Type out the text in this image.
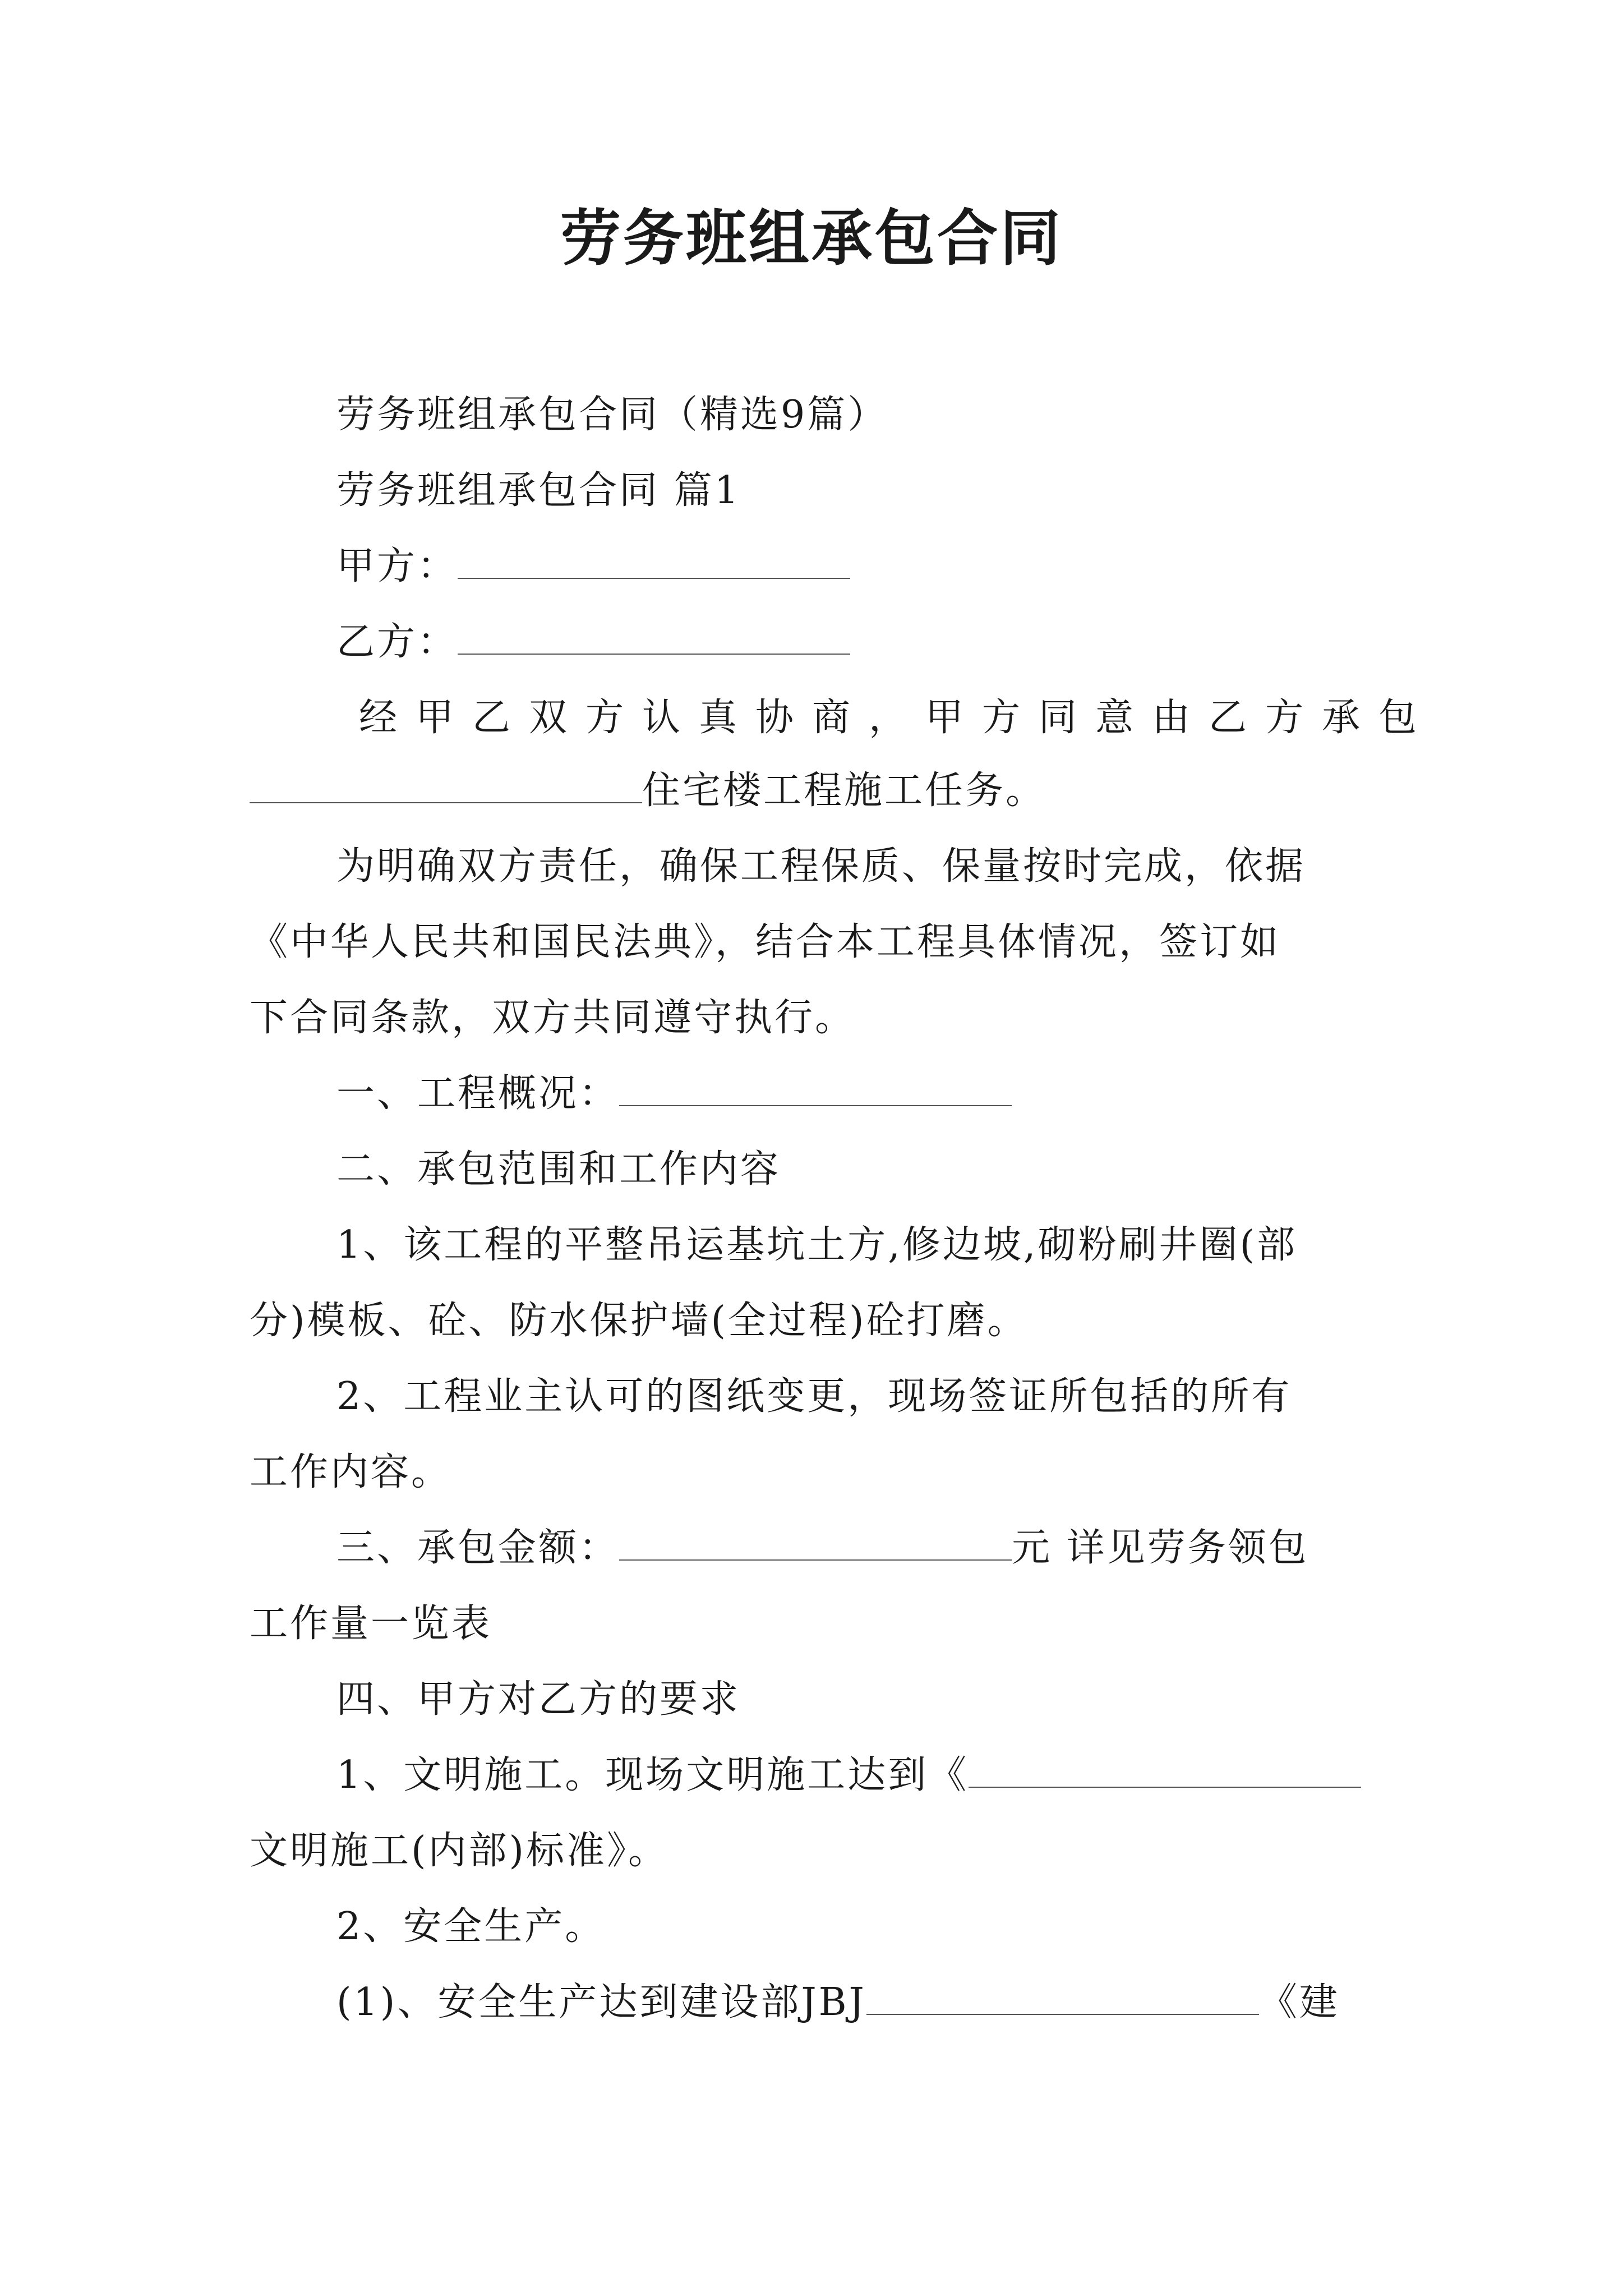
劳务班组承包合同
劳务班组承包合同（精选9篇）
劳务班组承包合同 篇1
甲方：
乙方：
经甲乙双方认真协商，甲方同意由乙方承包
住宅楼工程施工任务。
为明确双方责任，确保工程保质、保量按时完成，依据
《中华人民共和国民法典》，结合本工程具体情况，签订如
下合同条款，双方共同遵守执行。
一、工程概况：
二、承包范围和工作内容
1、该工程的平整吊运基坑土方,修边坡,砌粉刷井圈(部
分)模板、砼、防水保护墙(全过程)砼打磨。
2、工程业主认可的图纸变更，现场签证所包括的所有
工作内容。
三、承包金额：	元 详见劳务领包
工作量一览表
四、甲方对乙方的要求
1、文明施工。现场文明施工达到《
文明施工(内部)标准》。
2、安全生产。
(1)、安全生产达到建设部JBJ	《建
